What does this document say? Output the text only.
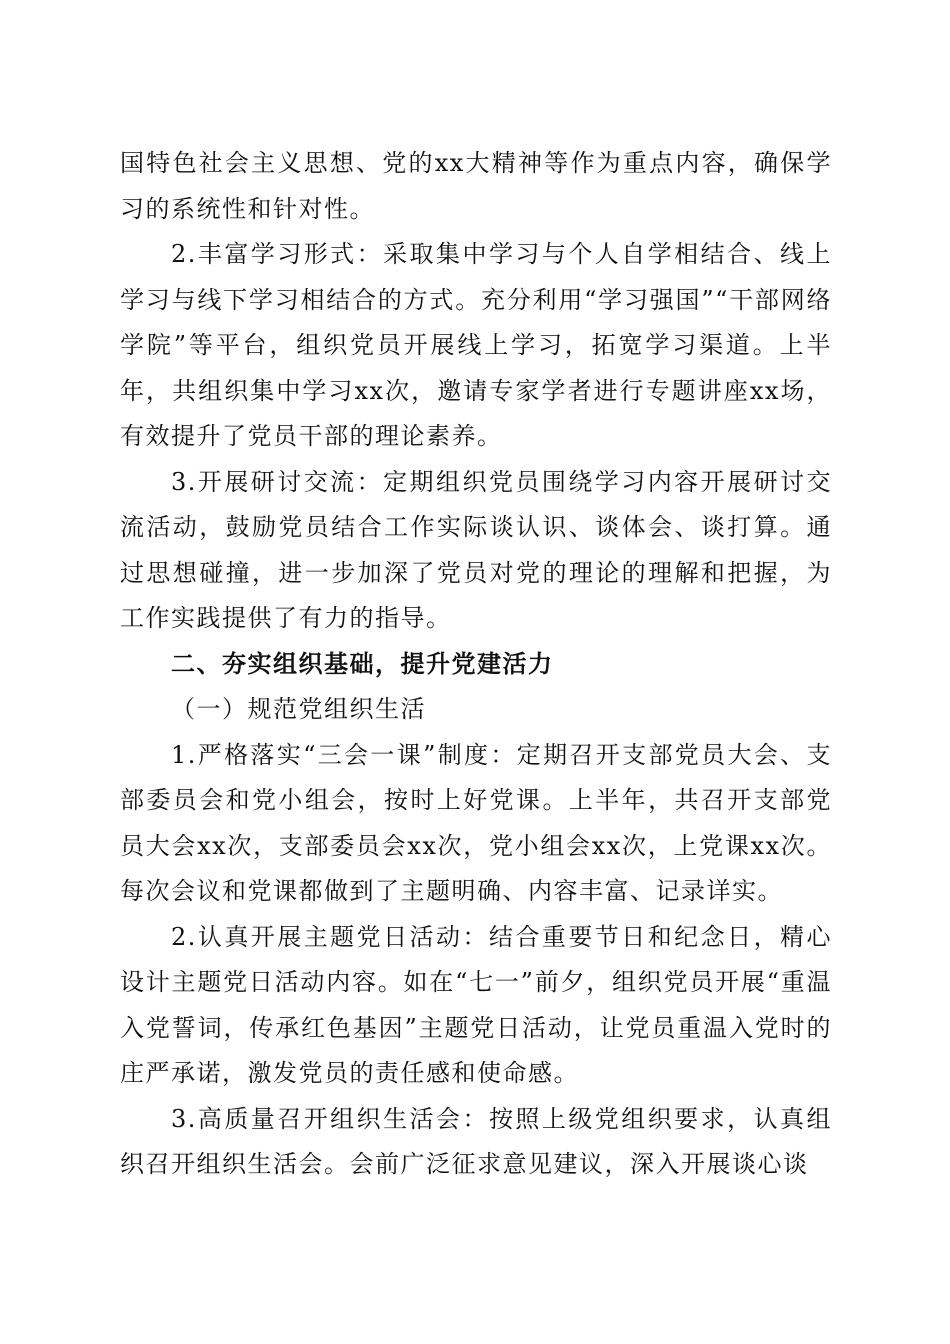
国特色社会主义思想、党的xx大精神等作为重点内容，确保学习的系统性和针对性。

2.丰富学习形式：采取集中学习与个人自学相结合、线上学习与线下学习相结合的方式。充分利用“学习强国”“干部网络学院”等平台，组织党员开展线上学习，拓宽学习渠道。上半年，共组织集中学习xx次，邀请专家学者进行专题讲座xx场，有效提升了党员干部的理论素养。

3.开展研讨交流：定期组织党员围绕学习内容开展研讨交流活动，鼓励党员结合工作实际谈认识、谈体会、谈打算。通过思想碰撞，进一步加深了党员对党的理论的理解和把握，为工作实践提供了有力的指导。

二、夯实组织基础，提升党建活力

（一）规范党组织生活

1.严格落实“三会一课”制度：定期召开支部党员大会、支部委员会和党小组会，按时上好党课。上半年，共召开支部党员大会xx次，支部委员会xx次，党小组会xx次，上党课xx次。每次会议和党课都做到了主题明确、内容丰富、记录详实。

2.认真开展主题党日活动：结合重要节日和纪念日，精心设计主题党日活动内容。如在“七一”前夕，组织党员开展“重温入党誓词，传承红色基因”主题党日活动，让党员重温入党时的庄严承诺，激发党员的责任感和使命感。

3.高质量召开组织生活会：按照上级党组织要求，认真组织召开组织生活会。会前广泛征求意见建议，深入开展谈心谈
